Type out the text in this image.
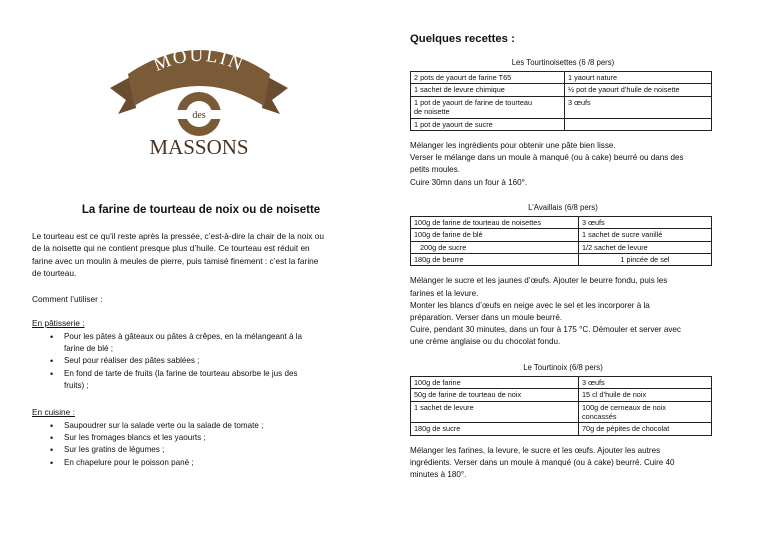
MOULIN
des
MASSONS
La farine de tourteau de noix ou de noisette
Le tourteau est ce qu’il reste après la pressée, c’est-à-dire la chair de la noix ou
de la noisette qui ne contient presque plus d’huile. Ce tourteau est réduit en
farine avec un moulin à meules de pierre, puis tamisé finement : c’est la farine
de tourteau.
Comment l’utiliser :
En pâtisserie :
• Pour les pâtes à gâteaux ou pâtes à crêpes, en la mélangeant à la
farine de blé ;
• Seul pour réaliser des pâtes sablées ;
• En fond de tarte de fruits (la farine de tourteau absorbe le jus des
fruits) ;
En cuisine :
• Saupoudrer sur la salade verte ou la salade de tomate ;
• Sur les fromages blancs et les yaourts ;
• Sur les gratins de légumes ;
• En chapelure pour le poisson pané ;
Quelques recettes :
Les Tourtinoisettes (6 /8 pers)
2 pots de yaourt de farine T65	1 yaourt nature
1 sachet de levure chimique	½ pot de yaourt d’huile de noisette
1 pot de yaourt de farine de tourteau
de noisette	3 œufs
1 pot de yaourt de sucre	

Mélanger les ingrédients pour obtenir une pâte bien lisse.

Verser le mélange dans un moule à manqué (ou à cake) beurré ou dans des

petits moules.

Cuire 30mn dans un four à 160°.

L’Availlais (6/8 pers)
100g de farine de tourteau de noisettes	3 œufs
100g de farine de blé	1 sachet de sucre vanillé
200g de sucre	1/2 sachet de levure
180g de beurre	1 pincée de sel

Mélanger le sucre et les jaunes d’œufs. Ajouter le beurre fondu, puis les

farines et la levure.

Monter les blancs d’œufs en neige avec le sel et les incorporer à la

préparation. Verser dans un moule beurré.

Cuire, pendant 30 minutes, dans un four à 175 °C. Démouler et server avec

une crème anglaise ou du chocolat fondu.

Le Tourtinoix (6/8 pers)
100g de farine	3 œufs
50g de farine de tourteau de noix	15 cl d’huile de noix
1 sachet de levure	100g de cerneaux de noix
concassés
180g de sucre	70g de pépites de chocolat

Mélanger les farines, la levure, le sucre et les œufs. Ajouter les autres

ingrédients. Verser dans un moule à manqué (ou à cake) beurré. Cuire 40

minutes à 180°.
